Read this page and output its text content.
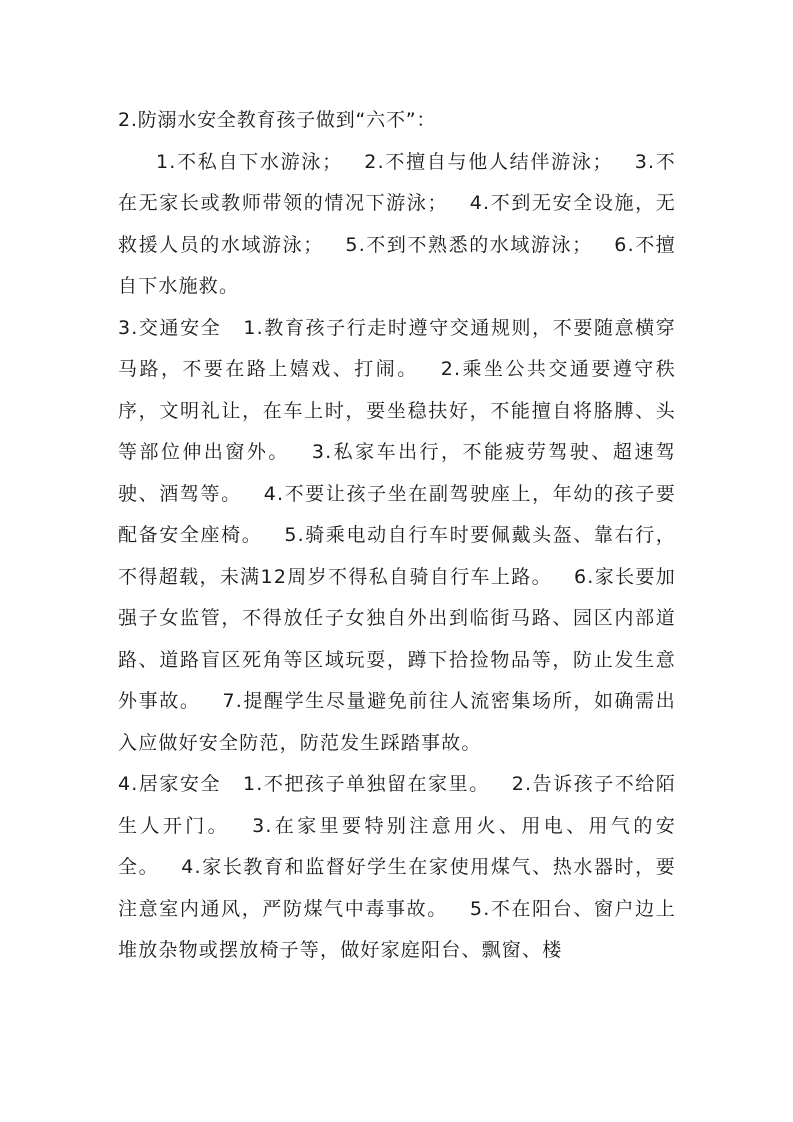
2.防溺水安全教育孩子做到“六不”：

1.不私自下水游泳； 2.不擅自与他人结伴游泳； 3.不在无家长或教师带领的情况下游泳； 4.不到无安全设施，无救援人员的水域游泳； 5.不到不熟悉的水域游泳； 6.不擅自下水施救。

3.交通安全 1.教育孩子行走时遵守交通规则，不要随意横穿马路，不要在路上嬉戏、打闹。 2.乘坐公共交通要遵守秩序，文明礼让，在车上时，要坐稳扶好，不能擅自将胳膊、头等部位伸出窗外。 3.私家车出行，不能疲劳驾驶、超速驾驶、酒驾等。 4.不要让孩子坐在副驾驶座上，年幼的孩子要配备安全座椅。 5.骑乘电动自行车时要佩戴头盔、靠右行，不得超载，未满12周岁不得私自骑自行车上路。 6.家长要加强子女监管，不得放任子女独自外出到临街马路、园区内部道路、道路盲区死角等区域玩耍，蹲下拾捡物品等，防止发生意外事故。 7.提醒学生尽量避免前往人流密集场所，如确需出入应做好安全防范，防范发生踩踏事故。

4.居家安全 1.不把孩子单独留在家里。 2.告诉孩子不给陌生人开门。 3.在家里要特别注意用火、用电、用气的安全。 4.家长教育和监督好学生在家使用煤气、热水器时，要注意室内通风，严防煤气中毒事故。 5.不在阳台、窗户边上堆放杂物或摆放椅子等，做好家庭阳台、飘窗、楼
